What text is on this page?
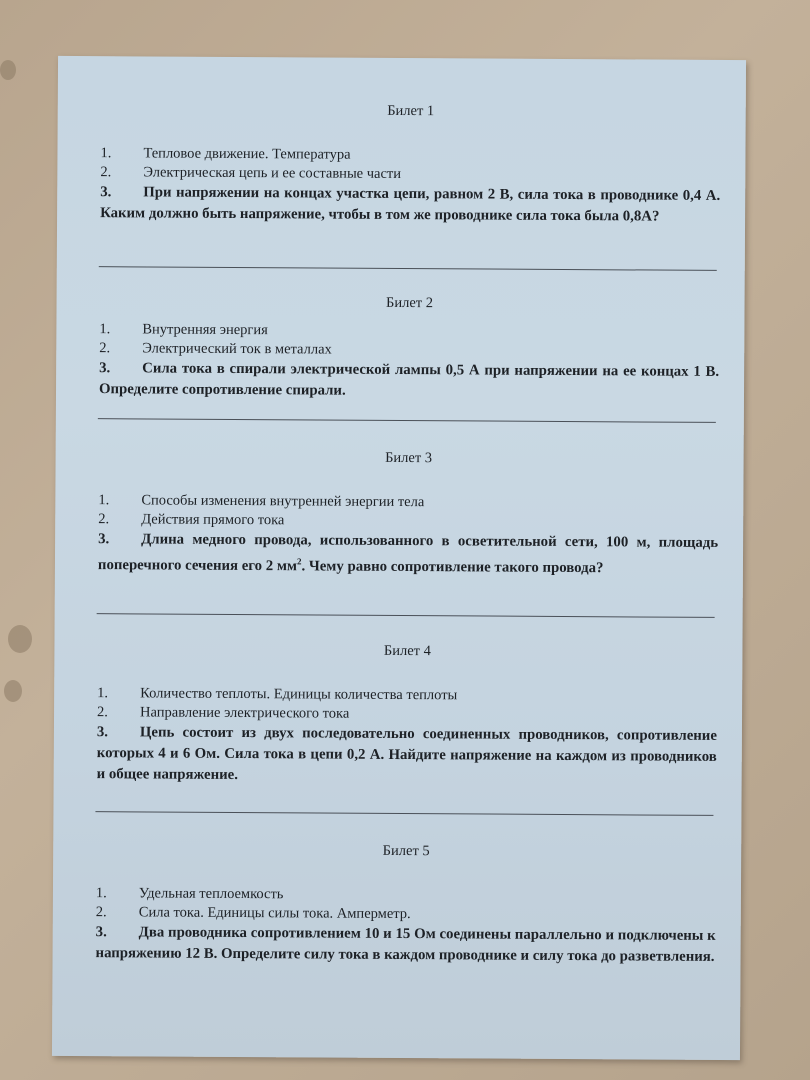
Билет 1
1.	Тепловое движение. Температура
2.	Электрическая цепь и ее составные части
3. При напряжении на концах участка цепи, равном 2 В, сила тока в проводнике 0,4 А. Каким должно быть напряжение, чтобы в том же проводнике сила тока была 0,8А?
Билет 2
1.	Внутренняя энергия
2.	Электрический ток в металлах
3. Сила тока в спирали электрической лампы 0,5 А при напряжении на ее концах 1 В. Определите сопротивление спирали.
Билет 3
1.	Способы изменения внутренней энергии тела
2.	Действия прямого тока
3. Длина медного провода, использованного в осветительной сети, 100 м, площадь поперечного сечения его 2 $мм^2$. Чему равно сопротивление такого провода?
Билет 4
1.	Количество теплоты. Единицы количества теплоты
2.	Направление электрического тока
3. Цепь состоит из двух последовательно соединенных проводников, сопротивление которых 4 и 6 Ом. Сила тока в цепи 0,2 А. Найдите напряжение на каждом из проводников и общее напряжение.
Билет 5
1.	Удельная теплоемкость
2.	Сила тока. Единицы силы тока. Амперметр.
3. Два проводника сопротивлением 10 и 15 Ом соединены параллельно и подключены к напряжению 12 В. Определите силу тока в каждом проводнике и силу тока до разветвления.
